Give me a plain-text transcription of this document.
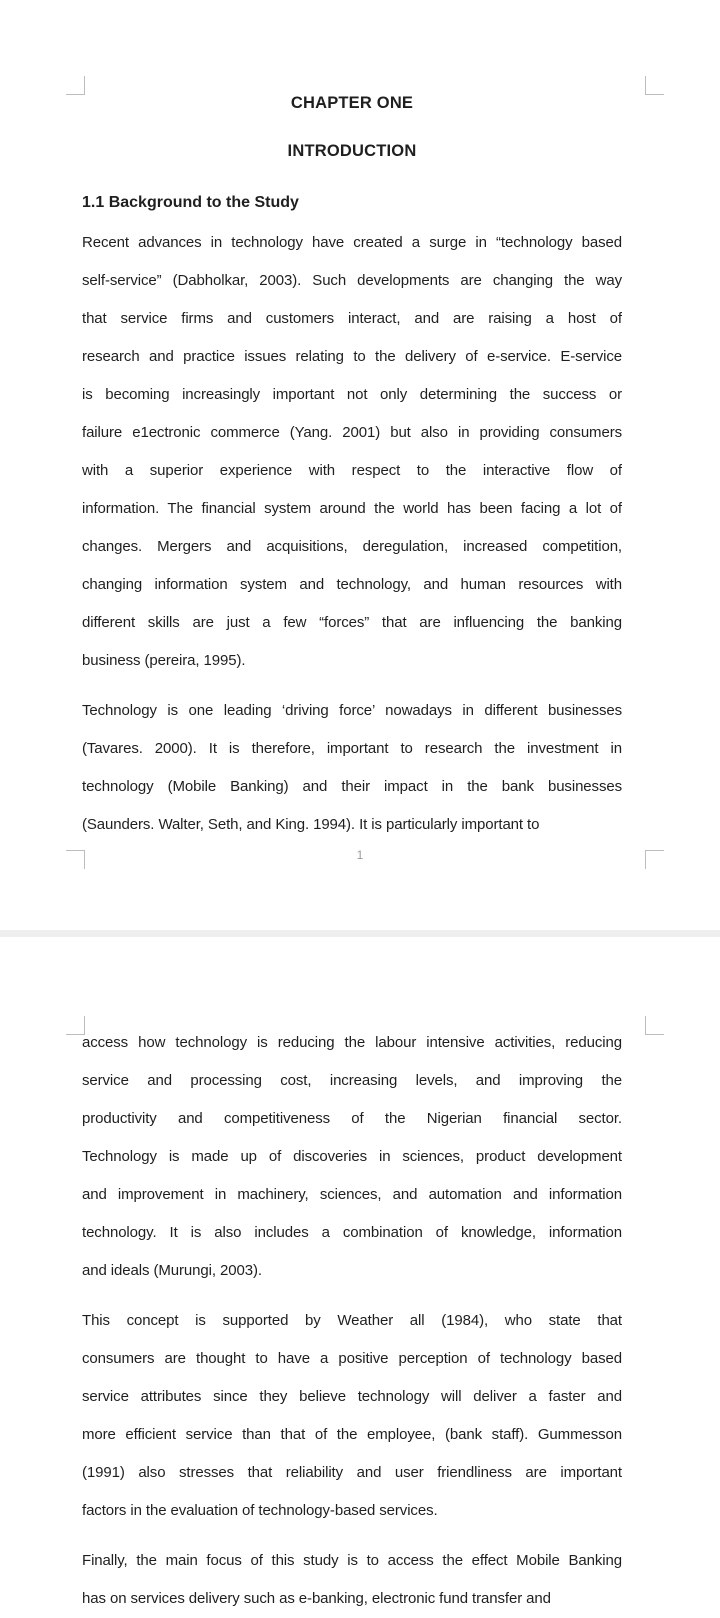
CHAPTER ONE
INTRODUCTION
1.1 Background to the Study
Recent advances in technology have created a surge in “technology based
self-service” (Dabholkar, 2003). Such developments are changing the way
that service firms and customers interact, and are raising a host of
research and practice issues relating to the delivery of e-service. E-service
is becoming increasingly important not only determining the success or
failure e1ectronic commerce (Yang. 2001) but also in providing consumers
with a superior experience with respect to the interactive flow of
information. The financial system around the world has been facing a lot of
changes. Mergers and acquisitions, deregulation, increased competition,
changing information system and technology, and human resources with
different skills are just a few “forces” that are influencing the banking
business (pereira, 1995).
Technology is one leading ‘driving force’ nowadays in different businesses
(Tavares. 2000). It is therefore, important to research the investment in
technology (Mobile Banking) and their impact in the bank businesses
(Saunders. Walter, Seth, and King. 1994). It is particularly important to
1
access how technology is reducing the labour intensive activities, reducing
service and processing cost, increasing levels, and improving the
productivity and competitiveness of the Nigerian financial sector.
Technology is made up of discoveries in sciences, product development
and improvement in machinery, sciences, and automation and information
technology. It is also includes a combination of knowledge, information
and ideals (Murungi, 2003).
This concept is supported by Weather all (1984), who state that
consumers are thought to have a positive perception of technology based
service attributes since they believe technology will deliver a faster and
more efficient service than that of the employee, (bank staff). Gummesson
(1991) also stresses that reliability and user friendliness are important
factors in the evaluation of technology-based services.
Finally, the main focus of this study is to access the effect Mobile Banking
has on services delivery such as e-banking, electronic fund transfer and
